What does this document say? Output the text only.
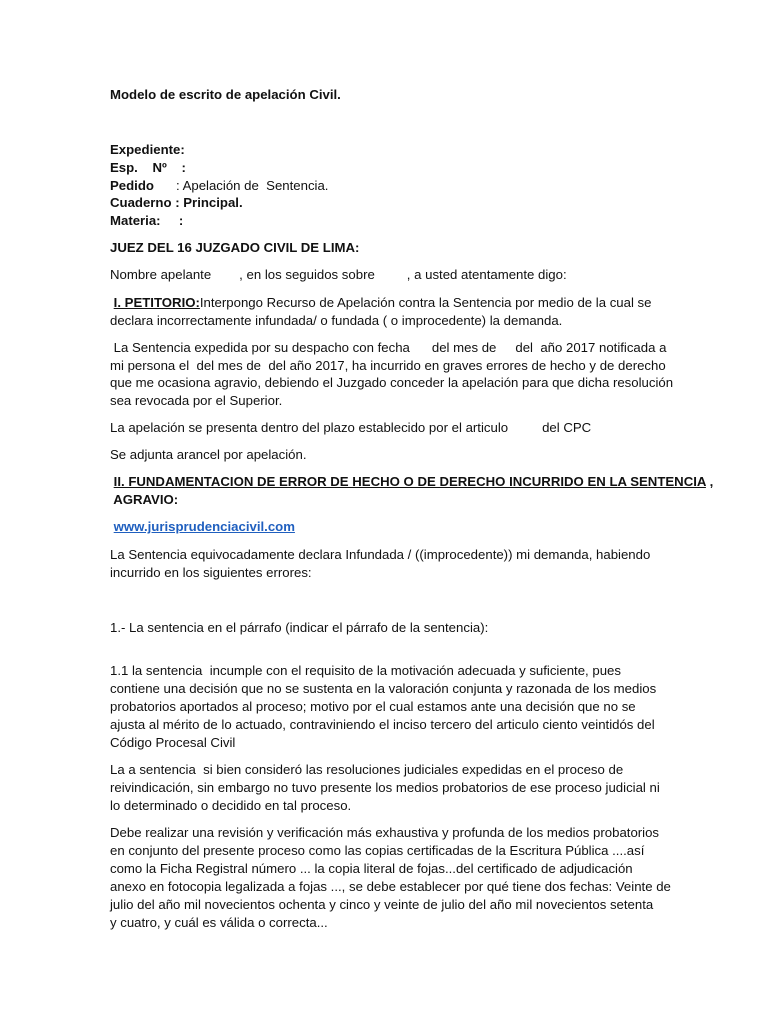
Modelo de escrito de apelación Civil.
Expediente:
Esp.    Nº    :
Pedido : Apelación de  Sentencia.
Cuaderno : Principal.
Materia:     :
JUEZ DEL 16 JUZGADO CIVIL DE LIMA:
Nombre apelante , en los seguidos sobre , a usted atentamente digo:
I. PETITORIO:Interpongo Recurso de Apelación contra la Sentencia por medio de la cual se
declara incorrectamente infundada/ o fundada ( o improcedente) la demanda.
La Sentencia expedida por su despacho con fecha del mes de del  año 2017 notificada a
mi persona el  del mes de  del año 2017, ha incurrido en graves errores de hecho y de derecho
que me ocasiona agravio, debiendo el Juzgado conceder la apelación para que dicha resolución
sea revocada por el Superior.
La apelación se presenta dentro del plazo establecido por el articulo	del CPC
Se adjunta arancel por apelación.
II. FUNDAMENTACION DE ERROR DE HECHO O DE DERECHO INCURRIDO EN LA SENTENCIA ,
AGRAVIO:
www.jurisprudenciacivil.com
La Sentencia equivocadamente declara Infundada / ((improcedente)) mi demanda, habiendo
incurrido en los siguientes errores:
1.- La sentencia en el párrafo (indicar el párrafo de la sentencia):
1.1 la sentencia  incumple con el requisito de la motivación adecuada y suficiente, pues
contiene una decisión que no se sustenta en la valoración conjunta y razonada de los medios
probatorios aportados al proceso; motivo por el cual estamos ante una decisión que no se
ajusta al mérito de lo actuado, contraviniendo el inciso tercero del articulo ciento veintidós del
Código Procesal Civil
La a sentencia  si bien consideró las resoluciones judiciales expedidas en el proceso de
reivindicación, sin embargo no tuvo presente los medios probatorios de ese proceso judicial ni
lo determinado o decidido en tal proceso.
Debe realizar una revisión y verificación más exhaustiva y profunda de los medios probatorios
en conjunto del presente proceso como las copias certificadas de la Escritura Pública ....así
como la Ficha Registral número ... la copia literal de fojas...del certificado de adjudicación
anexo en fotocopia legalizada a fojas ..., se debe establecer por qué tiene dos fechas: Veinte de
julio del año mil novecientos ochenta y cinco y veinte de julio del año mil novecientos setenta
y cuatro, y cuál es válida o correcta...
